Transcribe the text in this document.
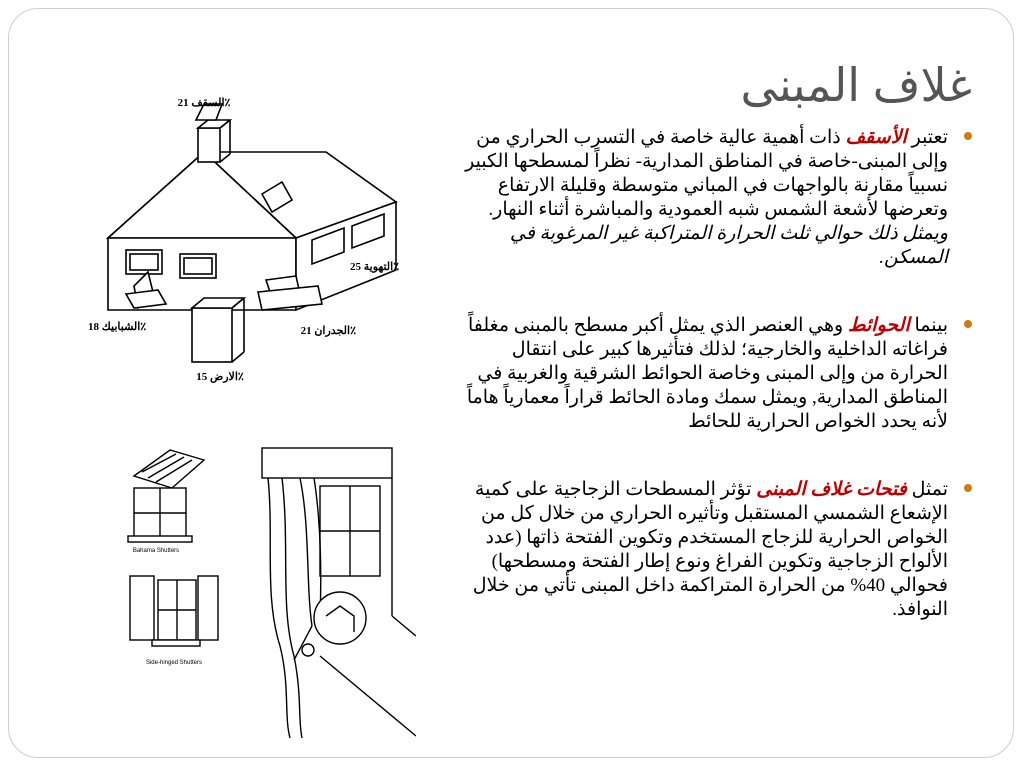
غلاف المبنى
السقف 21٪
التهوية 25٪
الجدران 21٪
الشبابيك 18٪
الارض 15٪
Bahama Shutters
Side-hinged Shutters
تعتبر الأسقف ذات أهمية عالية خاصة في التسرب الحراري من وإلى المبنى-خاصة في المناطق المدارية- نظراً لمسطحها الكبير نسبياً مقارنة بالواجهات في المباني متوسطة وقليلة الارتفاع وتعرضها لأشعة الشمس شبه العمودية والمباشرة أثناء النهار. ويمثل ذلك حوالي ثلث الحرارة المتراكبة غير المرغوبة في المسكن.
بينما الحوائط وهي العنصر الذي يمثل أكبر مسطح بالمبنى مغلفاً فراغاته الداخلية والخارجية؛ لذلك فتأثيرها كبير على انتقال الحرارة من وإلى المبنى وخاصة الحوائط الشرقية والغربية في المناطق المدارية, ويمثل سمك ومادة الحائط قراراً معمارياً هاماً لأنه يحدد الخواص الحرارية للحائط
تمثل فتحات غلاف المبنى تؤثر المسطحات الزجاجية على كمية الإشعاع الشمسي المستقبل وتأثيره الحراري من خلال كل من الخواص الحرارية للزجاج المستخدم وتكوين الفتحة ذاتها (عدد الألواح الزجاجية وتكوين الفراغ ونوع إطار الفتحة ومسطحها) فحوالي 40% من الحرارة المتراكمة داخل المبنى تأتي من خلال النوافذ.
